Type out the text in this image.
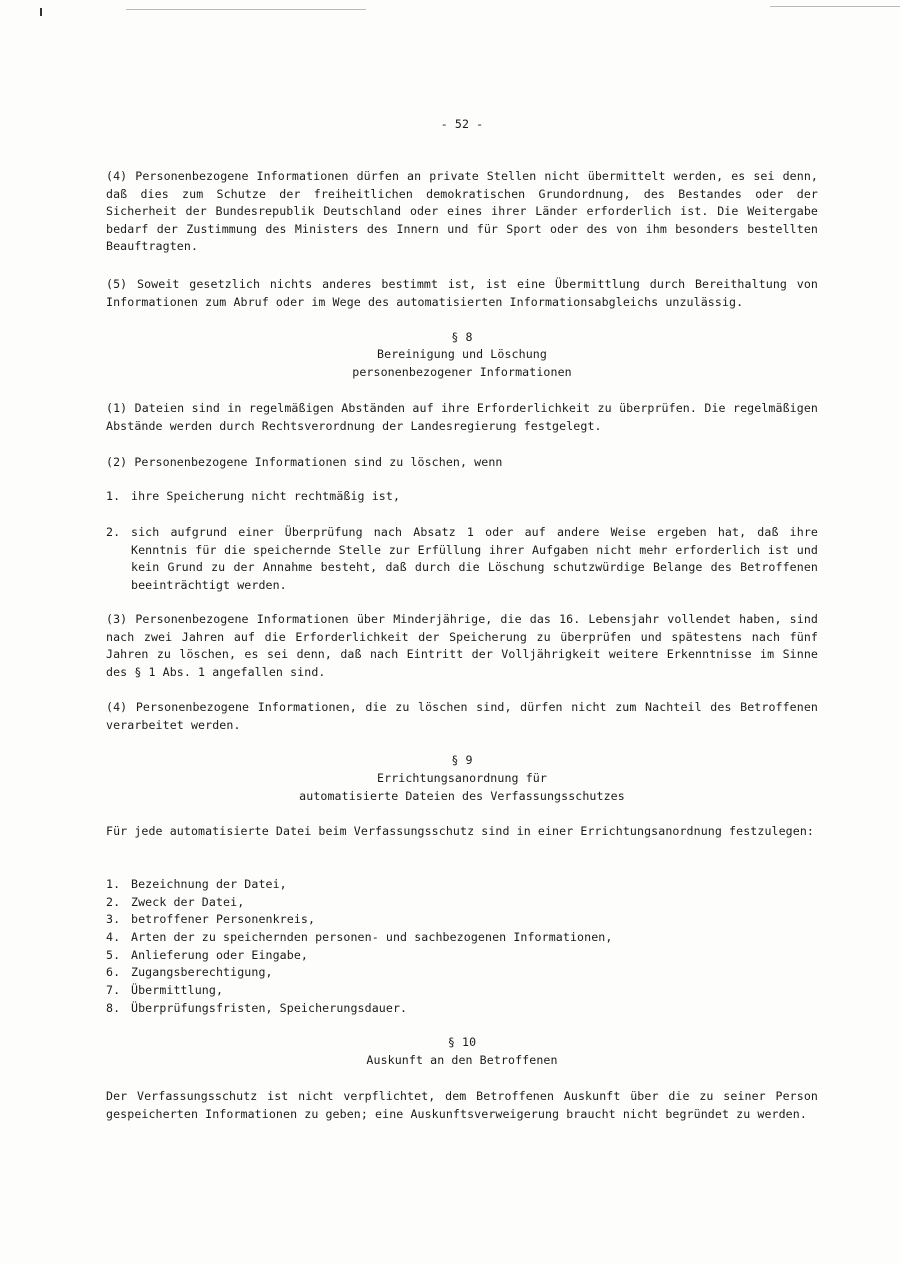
- 52 -

(4) Personenbezogene Informationen dürfen an private Stellen nicht übermittelt werden, es sei denn, daß dies zum Schutze der freiheitlichen demokratischen Grundordnung, des Bestandes oder der Sicherheit der Bundesrepublik Deutschland oder eines ihrer Länder erforderlich ist. Die Weitergabe bedarf der Zustimmung des Ministers des Innern und für Sport oder des von ihm besonders bestellten Beauftragten.

(5) Soweit gesetzlich nichts anderes bestimmt ist, ist eine Übermittlung durch Bereithaltung von Informationen zum Abruf oder im Wege des automatisierten Informationsabgleichs unzulässig.

§ 8

Bereinigung und Löschung

personenbezogener Informationen

(1) Dateien sind in regelmäßigen Abständen auf ihre Erforderlichkeit zu überprüfen. Die regelmäßigen Abstände werden durch Rechtsverordnung der Landesregierung festgelegt.

(2) Personenbezogene Informationen sind zu löschen, wenn

1. ihre Speicherung nicht rechtmäßig ist,
2. sich aufgrund einer Überprüfung nach Absatz 1 oder auf andere Weise ergeben hat, daß ihre Kenntnis für die speichernde Stelle zur Erfüllung ihrer Aufgaben nicht mehr erforderlich ist und kein Grund zu der Annahme besteht, daß durch die Löschung schutzwürdige Belange des Betroffenen beeinträchtigt werden.

(3) Personenbezogene Informationen über Minderjährige, die das 16. Lebensjahr vollendet haben, sind nach zwei Jahren auf die Erforderlichkeit der Speicherung zu überprüfen und spätestens nach fünf Jahren zu löschen, es sei denn, daß nach Eintritt der Volljährigkeit weitere Erkenntnisse im Sinne des § 1 Abs. 1 angefallen sind.

(4) Personenbezogene Informationen, die zu löschen sind, dürfen nicht zum Nachteil des Betroffenen verarbeitet werden.

§ 9

Errichtungsanordnung für

automatisierte Dateien des Verfassungsschutzes

Für jede automatisierte Datei beim Verfassungsschutz sind in einer Errichtungsanordnung festzulegen:

1. Bezeichnung der Datei,
2. Zweck der Datei,
3. betroffener Personenkreis,
4. Arten der zu speichernden personen- und sachbezogenen Informationen,
5. Anlieferung oder Eingabe,
6. Zugangsberechtigung,
7. Übermittlung,
8. Überprüfungsfristen, Speicherungsdauer.

§ 10

Auskunft an den Betroffenen

Der Verfassungsschutz ist nicht verpflichtet, dem Betroffenen Auskunft über die zu seiner Person gespeicherten Informationen zu geben; eine Auskunftsverweigerung braucht nicht begründet zu werden.
